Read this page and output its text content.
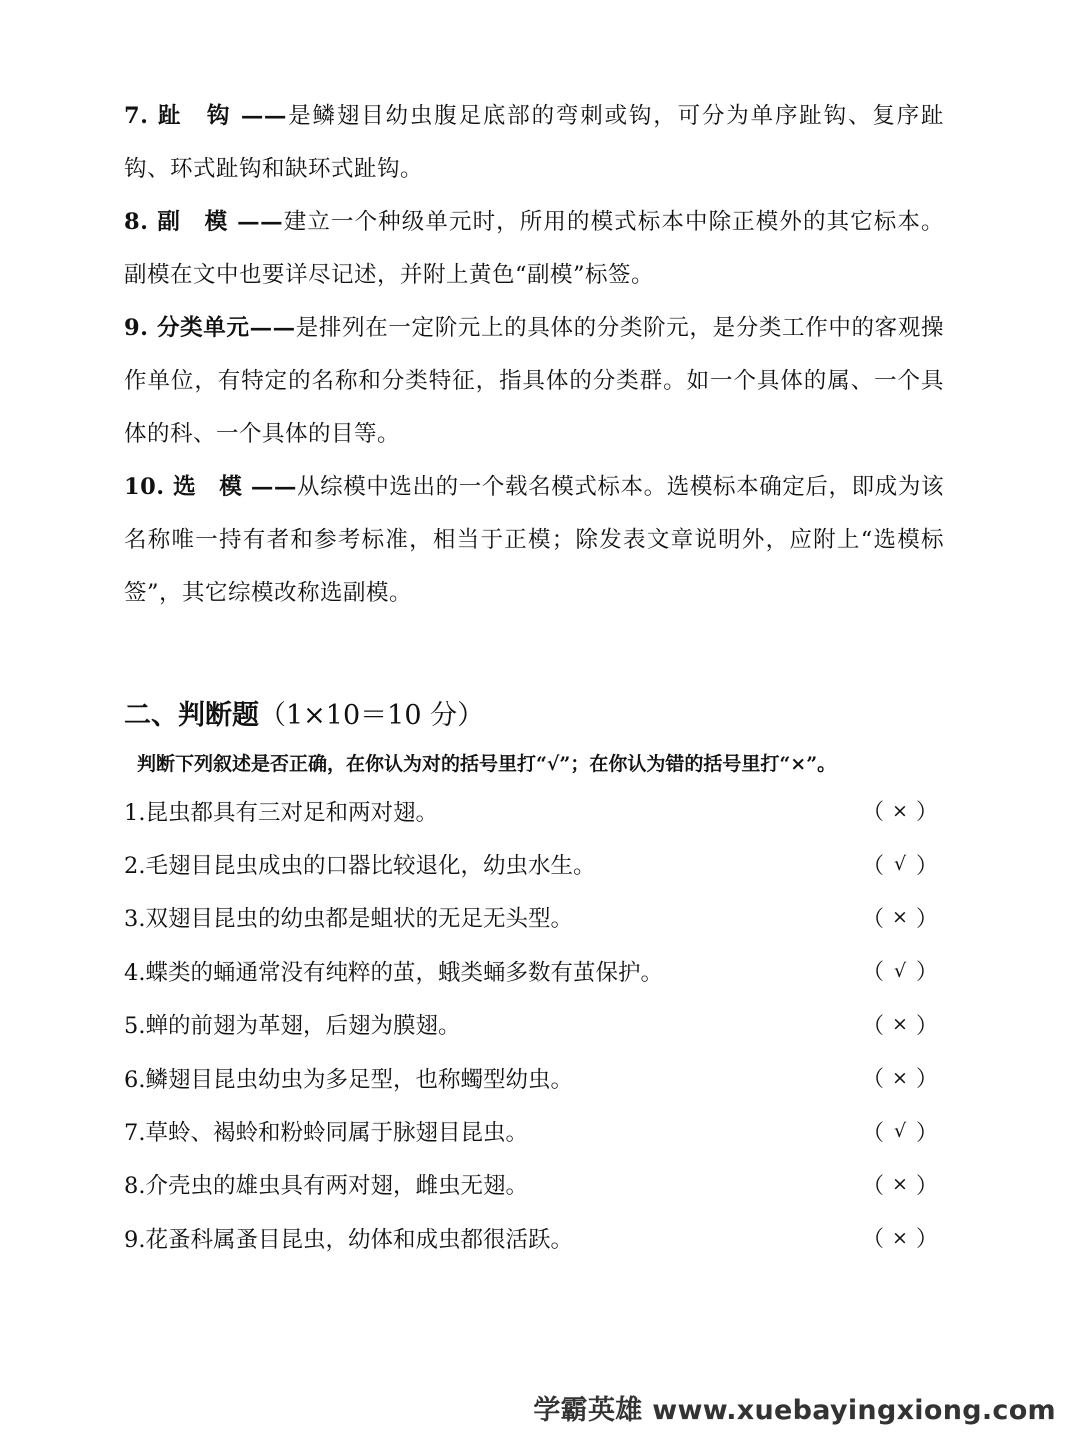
7. 趾　钩 ——是鳞翅目幼虫腹足底部的弯刺或钩，可分为单序趾钩、复序趾钩、环式趾钩和缺环式趾钩。

8. 副　模 ——建立一个种级单元时，所用的模式标本中除正模外的其它标本。副模在文中也要详尽记述，并附上黄色“副模”标签。

9. 分类单元——是排列在一定阶元上的具体的分类阶元，是分类工作中的客观操作单位，有特定的名称和分类特征，指具体的分类群。如一个具体的属、一个具体的科、一个具体的目等。

10. 选　模 ——从综模中选出的一个载名模式标本。选模标本确定后，即成为该名称唯一持有者和参考标准，相当于正模；除发表文章说明外，应附上“选模标签”，其它综模改称选副模。

二、判断题（1×10＝10 分）
判断下列叙述是否正确，在你认为对的括号里打“√”；在你认为错的括号里打“×”。
1.昆虫都具有三对足和两对翅。	（ × ）
2.毛翅目昆虫成虫的口器比较退化，幼虫水生。	（ √ ）
3.双翅目昆虫的幼虫都是蛆状的无足无头型。	（ × ）
4.蝶类的蛹通常没有纯粹的茧，蛾类蛹多数有茧保护。	（ √ ）
5.蝉的前翅为革翅，后翅为膜翅。	（ × ）
6.鳞翅目昆虫幼虫为多足型，也称蠋型幼虫。	（ × ）
7.草蛉、褐蛉和粉蛉同属于脉翅目昆虫。	（ √ ）
8.介壳虫的雄虫具有两对翅，雌虫无翅。	（ × ）
9.花蚤科属蚤目昆虫，幼体和成虫都很活跃。	（ × ）
学霸英雄 www.xuebayingxiong.com
